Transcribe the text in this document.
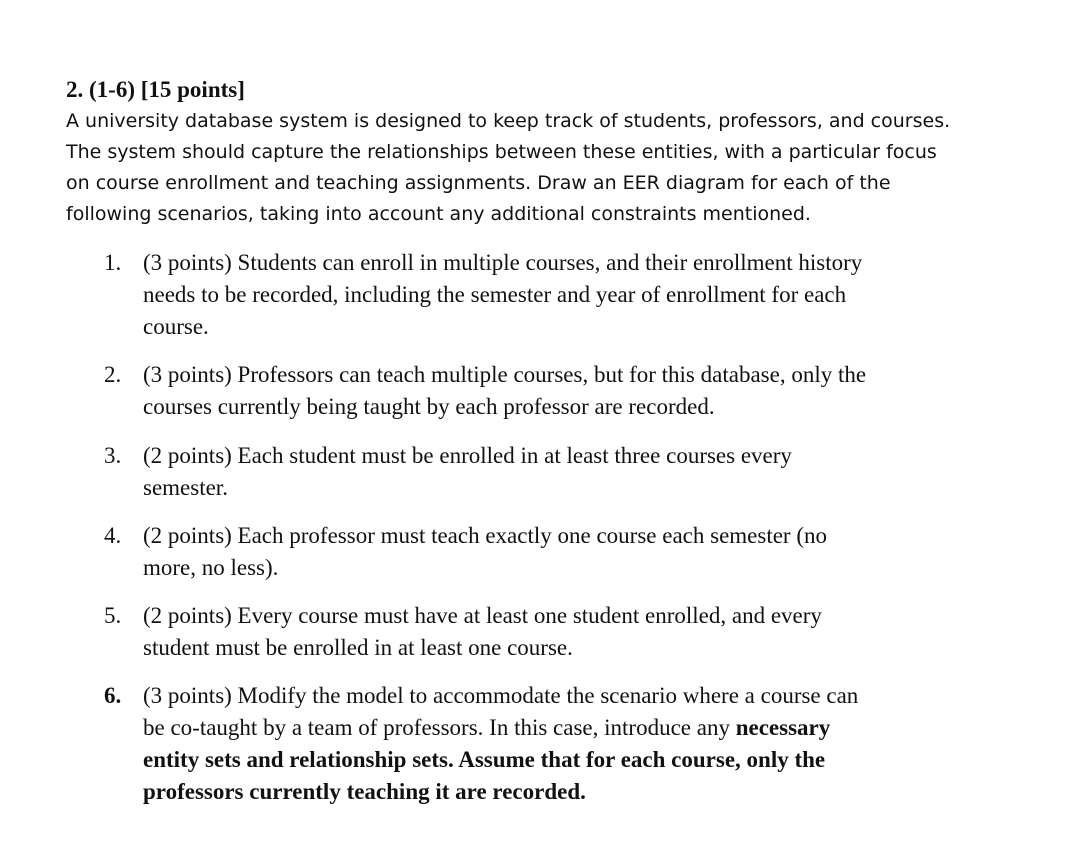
2. (1-6) [15 points]
A university database system is designed to keep track of students, professors, and courses.
The system should capture the relationships between these entities, with a particular focus
on course enrollment and teaching assignments. Draw an EER diagram for each of the
following scenarios, taking into account any additional constraints mentioned.
1. (3 points) Students can enroll in multiple courses, and their enrollment history
needs to be recorded, including the semester and year of enrollment for each
course.
2. (3 points) Professors can teach multiple courses, but for this database, only the
courses currently being taught by each professor are recorded.
3. (2 points) Each student must be enrolled in at least three courses every
semester.
4. (2 points) Each professor must teach exactly one course each semester (no
more, no less).
5. (2 points) Every course must have at least one student enrolled, and every
student must be enrolled in at least one course.
6. (3 points) Modify the model to accommodate the scenario where a course can
be co-taught by a team of professors. In this case, introduce any necessary
entity sets and relationship sets. Assume that for each course, only the
professors currently teaching it are recorded.
